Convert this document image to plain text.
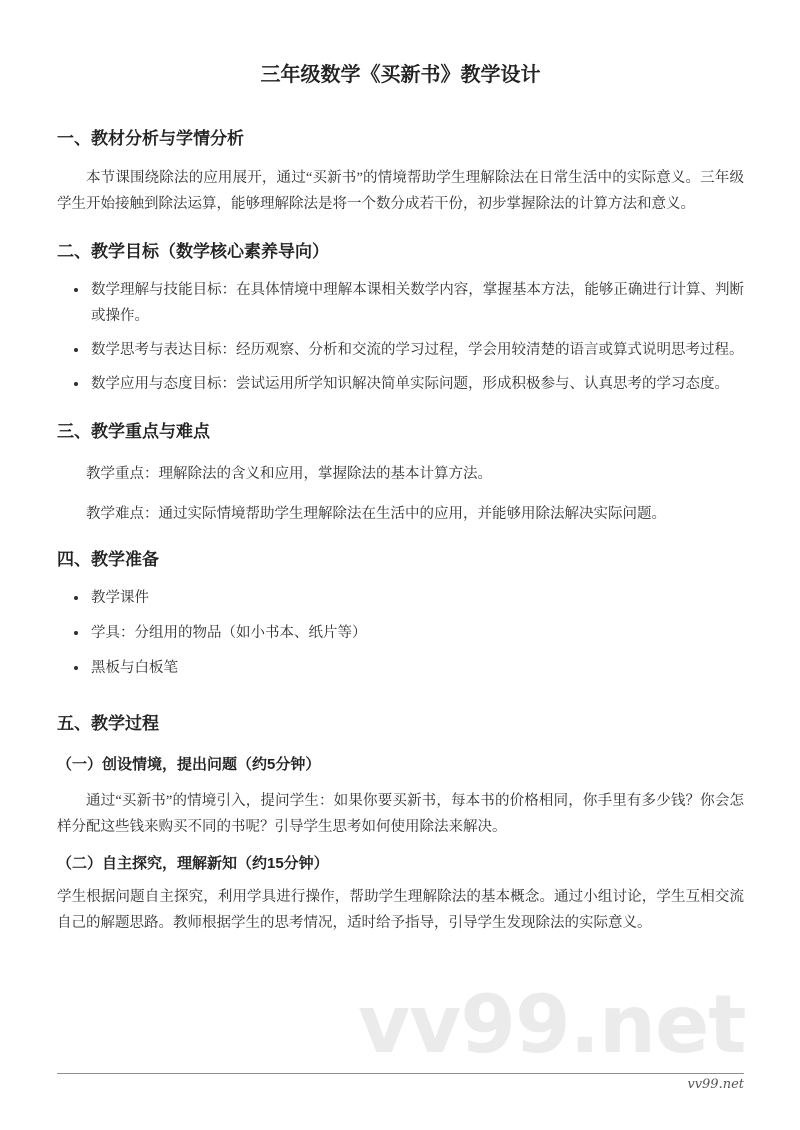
vv99.net
三年级数学《买新书》教学设计
一、教材分析与学情分析

本节课围绕除法的应用展开，通过“买新书”的情境帮助学生理解除法在日常生活中的实际意义。三年级学生开始接触到除法运算，能够理解除法是将一个数分成若干份，初步掌握除法的计算方法和意义。

二、教学目标（数学核心素养导向）
• 数学理解与技能目标：在具体情境中理解本课相关数学内容，掌握基本方法，能够正确进行计算、判断或操作。
• 数学思考与表达目标：经历观察、分析和交流的学习过程，学会用较清楚的语言或算式说明思考过程。
• 数学应用与态度目标：尝试运用所学知识解决简单实际问题，形成积极参与、认真思考的学习态度。
三、教学重点与难点

教学重点：理解除法的含义和应用，掌握除法的基本计算方法。

教学难点：通过实际情境帮助学生理解除法在生活中的应用，并能够用除法解决实际问题。

四、教学准备
• 教学课件
• 学具：分组用的物品（如小书本、纸片等）
• 黑板与白板笔
五、教学过程
（一）创设情境，提出问题（约5分钟）

通过“买新书”的情境引入，提问学生：如果你要买新书，每本书的价格相同，你手里有多少钱？你会怎样分配这些钱来购买不同的书呢？引导学生思考如何使用除法来解决。

（二）自主探究，理解新知（约15分钟）

学生根据问题自主探究，利用学具进行操作，帮助学生理解除法的基本概念。通过小组讨论，学生互相交流自己的解题思路。教师根据学生的思考情况，适时给予指导，引导学生发现除法的实际意义。

vv99.net
